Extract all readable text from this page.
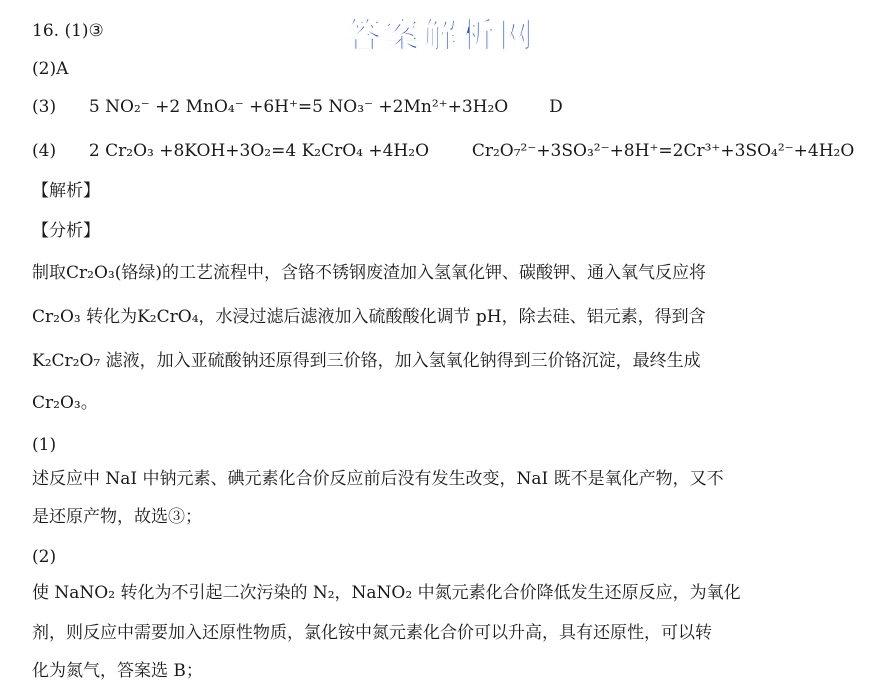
答案解析网
16. (1)③
(2)A
(3) 5 NO₂⁻ +2 MnO₄⁻ +6H⁺=5 NO₃⁻ +2Mn²⁺+3H₂O D
(4) 2 Cr₂O₃ +8KOH+3O₂=4 K₂CrO₄ +4H₂O	Cr₂O₇²⁻+3SO₃²⁻+8H⁺=2Cr³⁺+3SO₄²⁻+4H₂O
【解析】
【分析】
制取Cr₂O₃(铬绿)的工艺流程中，含铬不锈钢废渣加入氢氧化钾、碳酸钾、通入氧气反应将
Cr₂O₃ 转化为K₂CrO₄，水浸过滤后滤液加入硫酸酸化调节 pH，除去硅、铝元素，得到含
K₂Cr₂O₇ 滤液，加入亚硫酸钠还原得到三价铬，加入氢氧化钠得到三价铬沉淀，最终生成
Cr₂O₃。
(1)
述反应中 NaI 中钠元素、碘元素化合价反应前后没有发生改变，NaI 既不是氧化产物，又不
是还原产物，故选③；
(2)
使 NaNO₂ 转化为不引起二次污染的 N₂，NaNO₂ 中氮元素化合价降低发生还原反应，为氧化
剂，则反应中需要加入还原性物质，氯化铵中氮元素化合价可以升高，具有还原性，可以转
化为氮气，答案选 B；
